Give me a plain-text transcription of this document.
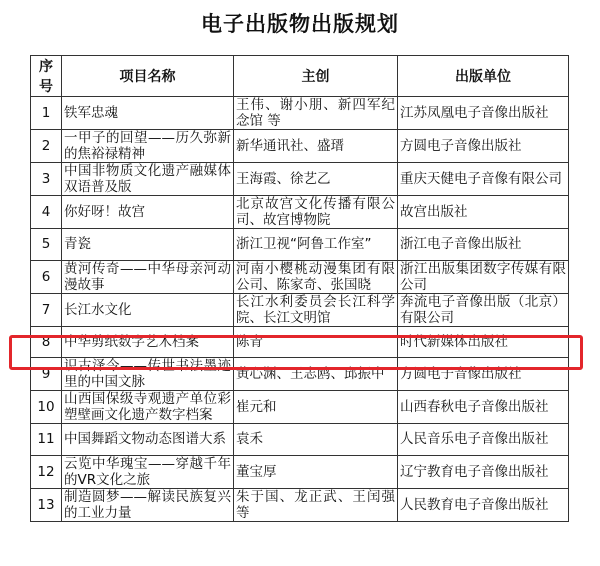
电子出版物出版规划
序号	项目名称	主创	出版单位
1	铁军忠魂	王伟、谢小朋、新四军纪念馆 等	江苏凤凰电子音像出版社
2	一甲子的回望——历久弥新的焦裕禄精神	新华通讯社、盛瑨	方圆电子音像出版社
3	中国非物质文化遗产融媒体双语普及版	王海霞、徐艺乙	重庆天健电子音像有限公司
4	你好呀！故宫	北京故宫文化传播有限公司、故宫博物院	故宫出版社
5	青瓷	浙江卫视“阿鲁工作室”	浙江电子音像出版社
6	黄河传奇——中华母亲河动漫故事	河南小樱桃动漫集团有限公司、陈家奇、张国晓	浙江出版集团数字传媒有限公司
7	长江水文化	长江水利委员会长江科学院、长江文明馆	奔流电子音像出版（北京）有限公司
8	中华剪纸数字艺术档案	陈青	时代新媒体出版社
9	识古泽今——传世书法墨迹里的中国文脉	黄心渊、王志鸥、邱振中	方圆电子音像出版社
10	山西国保级寺观遗产单位彩塑壁画文化遗产数字档案	崔元和	山西春秋电子音像出版社
11	中国舞蹈文物动态图谱大系	袁禾	人民音乐电子音像出版社
12	云览中华瑰宝——穿越千年的VR文化之旅	董宝厚	辽宁教育电子音像出版社
13	制造圆梦——解读民族复兴的工业力量	朱于国、龙正武、王闰强等	人民教育电子音像出版社
